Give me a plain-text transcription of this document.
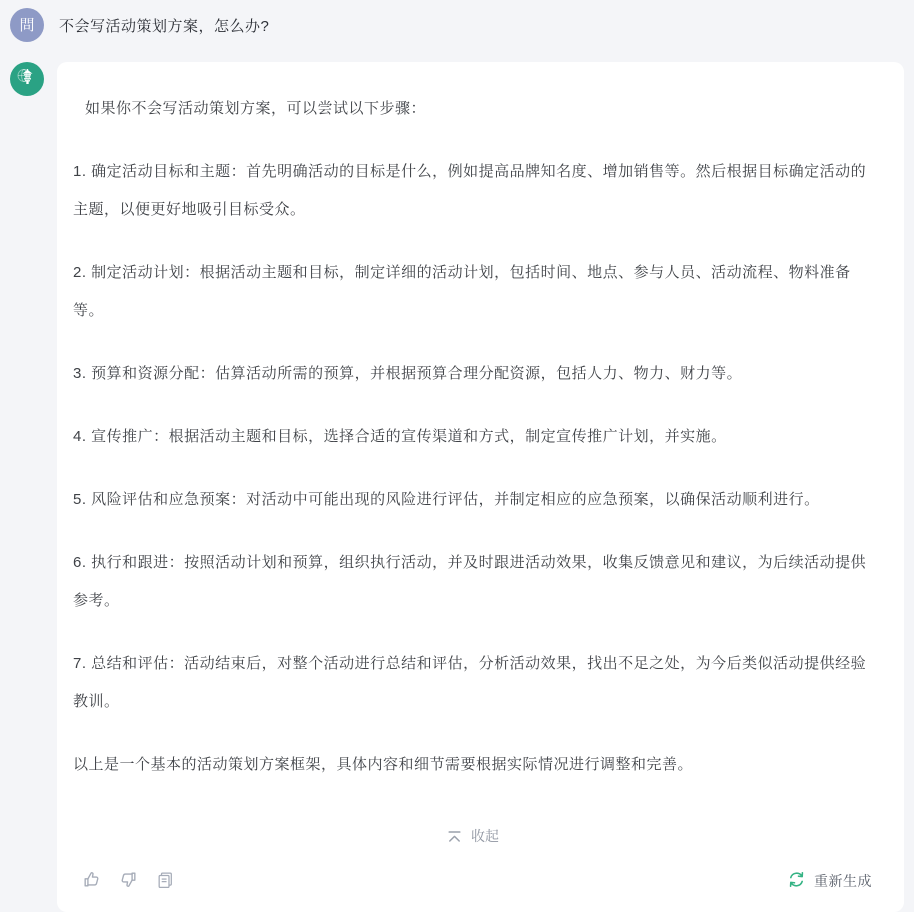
問 不会写活动策划方案，怎么办?

如果你不会写活动策划方案，可以尝试以下步骤：

1. 确定活动目标和主题：首先明确活动的目标是什么，例如提高品牌知名度、增加销售等。然后根据目标确定活动的主题，以便更好地吸引目标受众。

2. 制定活动计划：根据活动主题和目标，制定详细的活动计划，包括时间、地点、参与人员、活动流程、物料准备等。

3. 预算和资源分配：估算活动所需的预算，并根据预算合理分配资源，包括人力、物力、财力等。

4. 宣传推广：根据活动主题和目标，选择合适的宣传渠道和方式，制定宣传推广计划，并实施。

5. 风险评估和应急预案：对活动中可能出现的风险进行评估，并制定相应的应急预案，以确保活动顺利进行。

6. 执行和跟进：按照活动计划和预算，组织执行活动，并及时跟进活动效果，收集反馈意见和建议，为后续活动提供参考。

7. 总结和评估：活动结束后，对整个活动进行总结和评估，分析活动效果，找出不足之处，为今后类似活动提供经验教训。

以上是一个基本的活动策划方案框架，具体内容和细节需要根据实际情况进行调整和完善。

收起
重新生成
